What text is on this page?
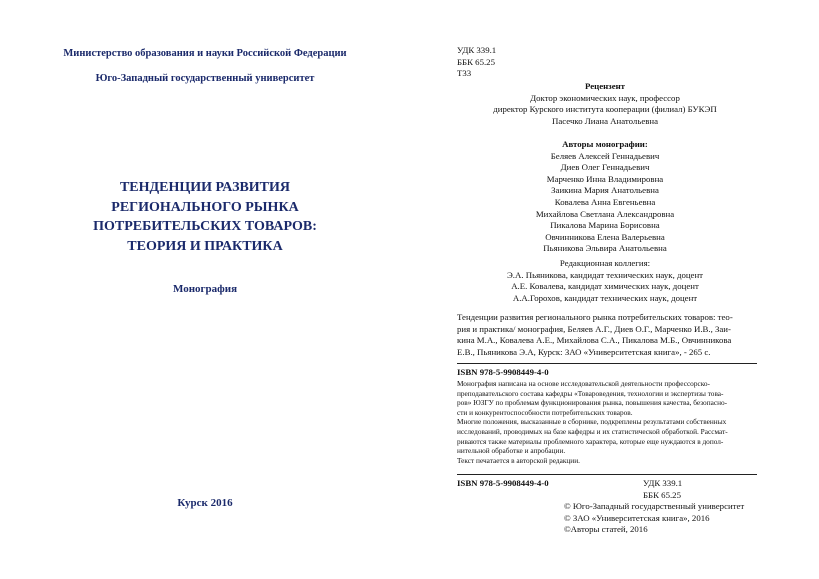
Министерство образования и науки Российской Федерации
Юго-Западный государственный университет
ТЕНДЕНЦИИ РАЗВИТИЯ
РЕГИОНАЛЬНОГО РЫНКА
ПОТРЕБИТЕЛЬСКИХ ТОВАРОВ:
ТЕОРИЯ И ПРАКТИКА
Монография
Курск 2016
УДК 339.1
ББК 65.25
Т33
Рецензент
Доктор экономических наук, профессор
директор Курского института кооперации (филиал) БУКЭП
Пасечко Лиана Анатольевна
Авторы монографии:
Беляев Алексей Геннадьевич
Диев Олег Геннадьевич
Марченко Инна Владимировна
Заикина Мария Анатольевна
Ковалева Анна Евгеньевна
Михайлова Светлана Александровна
Пикалова Марина Борисовна
Овчинникова Елена Валерьевна
Пьяникова Эльвира Анатольевна
Редакционная коллегия:
Э.А. Пьяникова, кандидат технических наук, доцент
А.Е. Ковалева, кандидат химических наук, доцент
А.А.Горохов, кандидат технических наук, доцент
Тенденции развития регионального рынка потребительских товаров: тео-
рия и практика/ монография, Беляев А.Г., Диев О.Г., Марченко И.В., Заи-
кина М.А., Ковалева А.Е., Михайлова С.А., Пикалова М.Б., Овчинникова
Е.В., Пьяникова Э.А, Курск: ЗАО «Университетская книга», - 265 с.
ISBN 978-5-9908449-4-0
Монография написана на основе исследовательской деятельности профессорско-
преподавательского состава кафедры «Товароведения, технологии и экспертизы това-
ров» ЮЗГУ по проблемам функционирования рынка, повышения качества, безопасно-
сти и конкурентоспособности потребительских товаров.
Многие положения, высказанные в сборнике, подкреплены результатами собственных
исследований, проводимых на базе кафедры и их статистической обработкой. Рассмат-
риваются также материалы проблемного характера, которые еще нуждаются в допол-
нительной обработке и апробации.
Текст печатается в авторской редакции.
ISBN 978-5-9908449-4-0	УДК 339.1
ББК 65.25
© Юго-Западный государственный университет
© ЗАО «Университетская книга», 2016
©Авторы статей, 2016
